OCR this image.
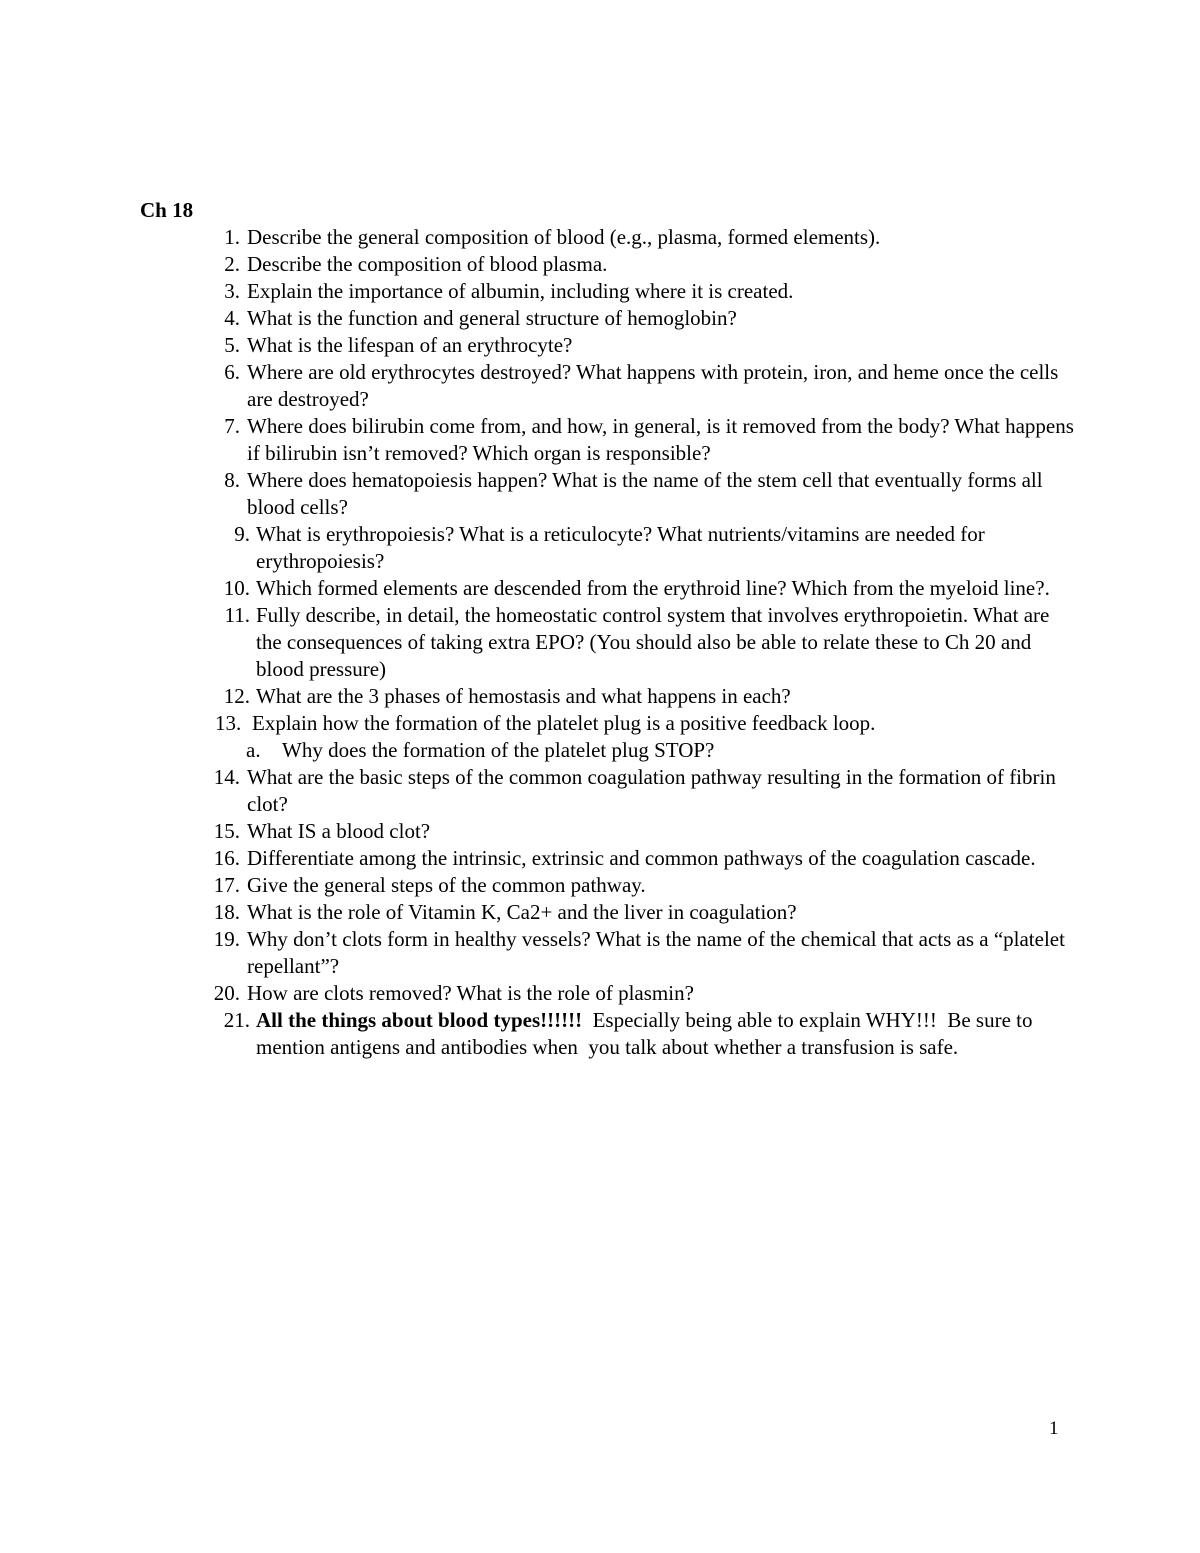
Ch 18
1. Describe the general composition of blood (e.g., plasma, formed elements).
2. Describe the composition of blood plasma.
3. Explain the importance of albumin, including where it is created.
4. What is the function and general structure of hemoglobin?
5. What is the lifespan of an erythrocyte?
6. Where are old erythrocytes destroyed? What happens with protein, iron, and heme once the cells are destroyed?
7. Where does bilirubin come from, and how, in general, is it removed from the body? What happens if bilirubin isn’t removed? Which organ is responsible?
8. Where does hematopoiesis happen? What is the name of the stem cell that eventually forms all blood cells?
9. What is erythropoiesis? What is a reticulocyte? What nutrients/vitamins are needed for erythropoiesis?
10. Which formed elements are descended from the erythroid line? Which from the myeloid line?.
11. Fully describe, in detail, the homeostatic control system that involves erythropoietin. What are the consequences of taking extra EPO? (You should also be able to relate these to Ch 20 and blood pressure)
12. What are the 3 phases of hemostasis and what happens in each?
13. Explain how the formation of the platelet plug is a positive feedback loop.
a. Why does the formation of the platelet plug STOP?
14. What are the basic steps of the common coagulation pathway resulting in the formation of fibrin clot?
15. What IS a blood clot?
16. Differentiate among the intrinsic, extrinsic and common pathways of the coagulation cascade.
17. Give the general steps of the common pathway.
18. What is the role of Vitamin K, Ca2+ and the liver in coagulation?
19. Why don’t clots form in healthy vessels? What is the name of the chemical that acts as a “platelet repellant”?
20. How are clots removed? What is the role of plasmin?
21. All the things about blood types!!!!!!  Especially being able to explain WHY!!!  Be sure to mention antigens and antibodies when  you talk about whether a transfusion is safe.
1
